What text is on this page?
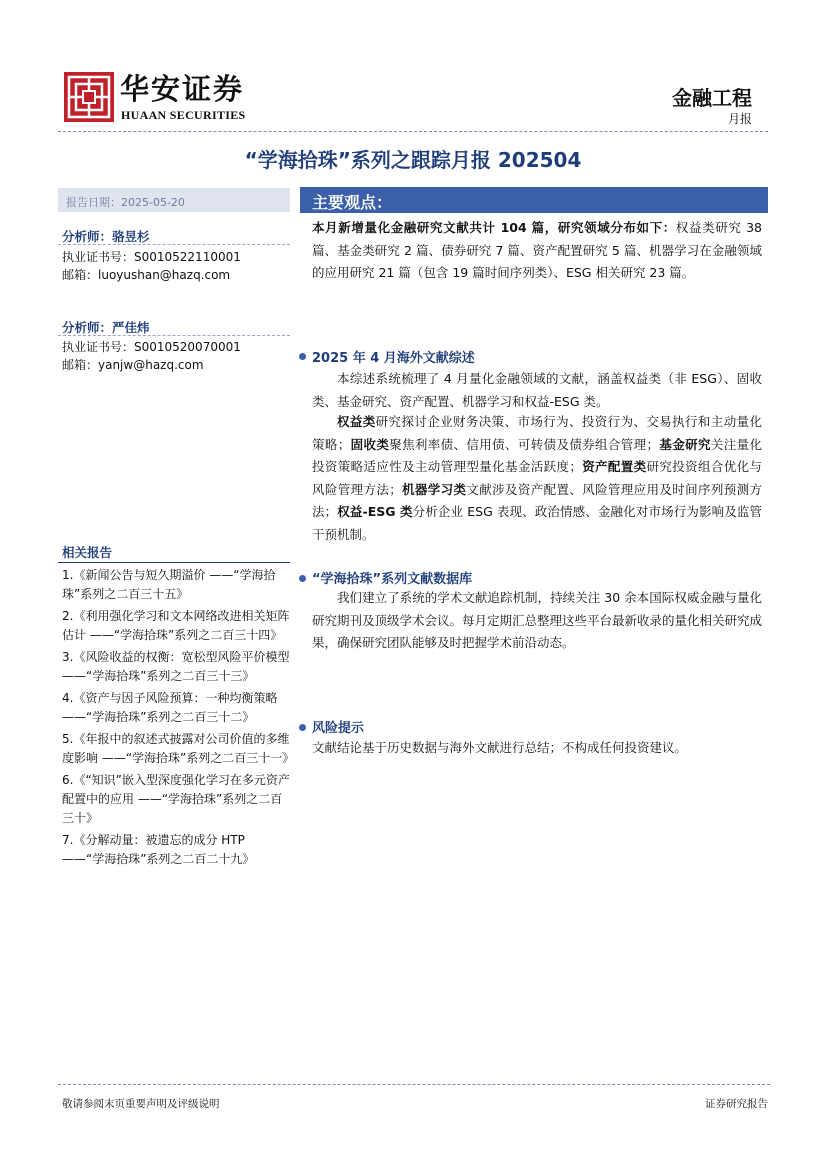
华安证券
HUAAN SECURITIES
金融工程
月报
“学海拾珠”系列之跟踪月报 202504
报告日期：2025-05-20
分析师：骆昱杉
执业证书号：S0010522110001
邮箱：luoyushan@hazq.com
分析师：严佳炜
执业证书号：S0010520070001
邮箱：yanjw@hazq.com
相关报告
1.《新闻公告与短久期溢价 ——“学海拾珠”系列之二百三十五》
2.《利用强化学习和文本网络改进相关矩阵估计 ——“学海拾珠”系列之二百三十四》
3.《风险收益的权衡：宽松型风险平价模型 ——“学海拾珠”系列之二百三十三》
4.《资产与因子风险预算：一种均衡策略 ——“学海拾珠”系列之二百三十二》
5.《年报中的叙述式披露对公司价值的多维度影响 ——“学海拾珠”系列之二百三十一》
6.《“知识”嵌入型深度强化学习在多元资产配置中的应用 ——“学海拾珠”系列之二百三十》
7.《分解动量：被遗忘的成分 HTP ——“学海拾珠”系列之二百二十九》
主要观点：
本月新增量化金融研究文献共计 104 篇，研究领域分布如下：权益类研究 38 篇、基金类研究 2 篇、债券研究 7 篇、资产配置研究 5 篇、机器学习在金融领域的应用研究 21 篇（包含 19 篇时间序列类）、ESG 相关研究 23 篇。
2025 年 4 月海外文献综述
本综述系统梳理了 4 月量化金融领域的文献，涵盖权益类（非 ESG）、固收类、基金研究、资产配置、机器学习和权益-ESG 类。
权益类研究探讨企业财务决策、市场行为、投资行为、交易执行和主动量化策略；固收类聚焦利率债、信用债、可转债及债券组合管理；基金研究关注量化投资策略适应性及主动管理型量化基金活跃度；资产配置类研究投资组合优化与风险管理方法；机器学习类文献涉及资产配置、风险管理应用及时间序列预测方法；权益-ESG 类分析企业 ESG 表现、政治情感、金融化对市场行为影响及监管干预机制。
“学海拾珠”系列文献数据库
我们建立了系统的学术文献追踪机制，持续关注 30 余本国际权威金融与量化研究期刊及顶级学术会议。每月定期汇总整理这些平台最新收录的量化相关研究成果，确保研究团队能够及时把握学术前沿动态。
风险提示
文献结论基于历史数据与海外文献进行总结；不构成任何投资建议。
敬请参阅末页重要声明及评级说明	证券研究报告
